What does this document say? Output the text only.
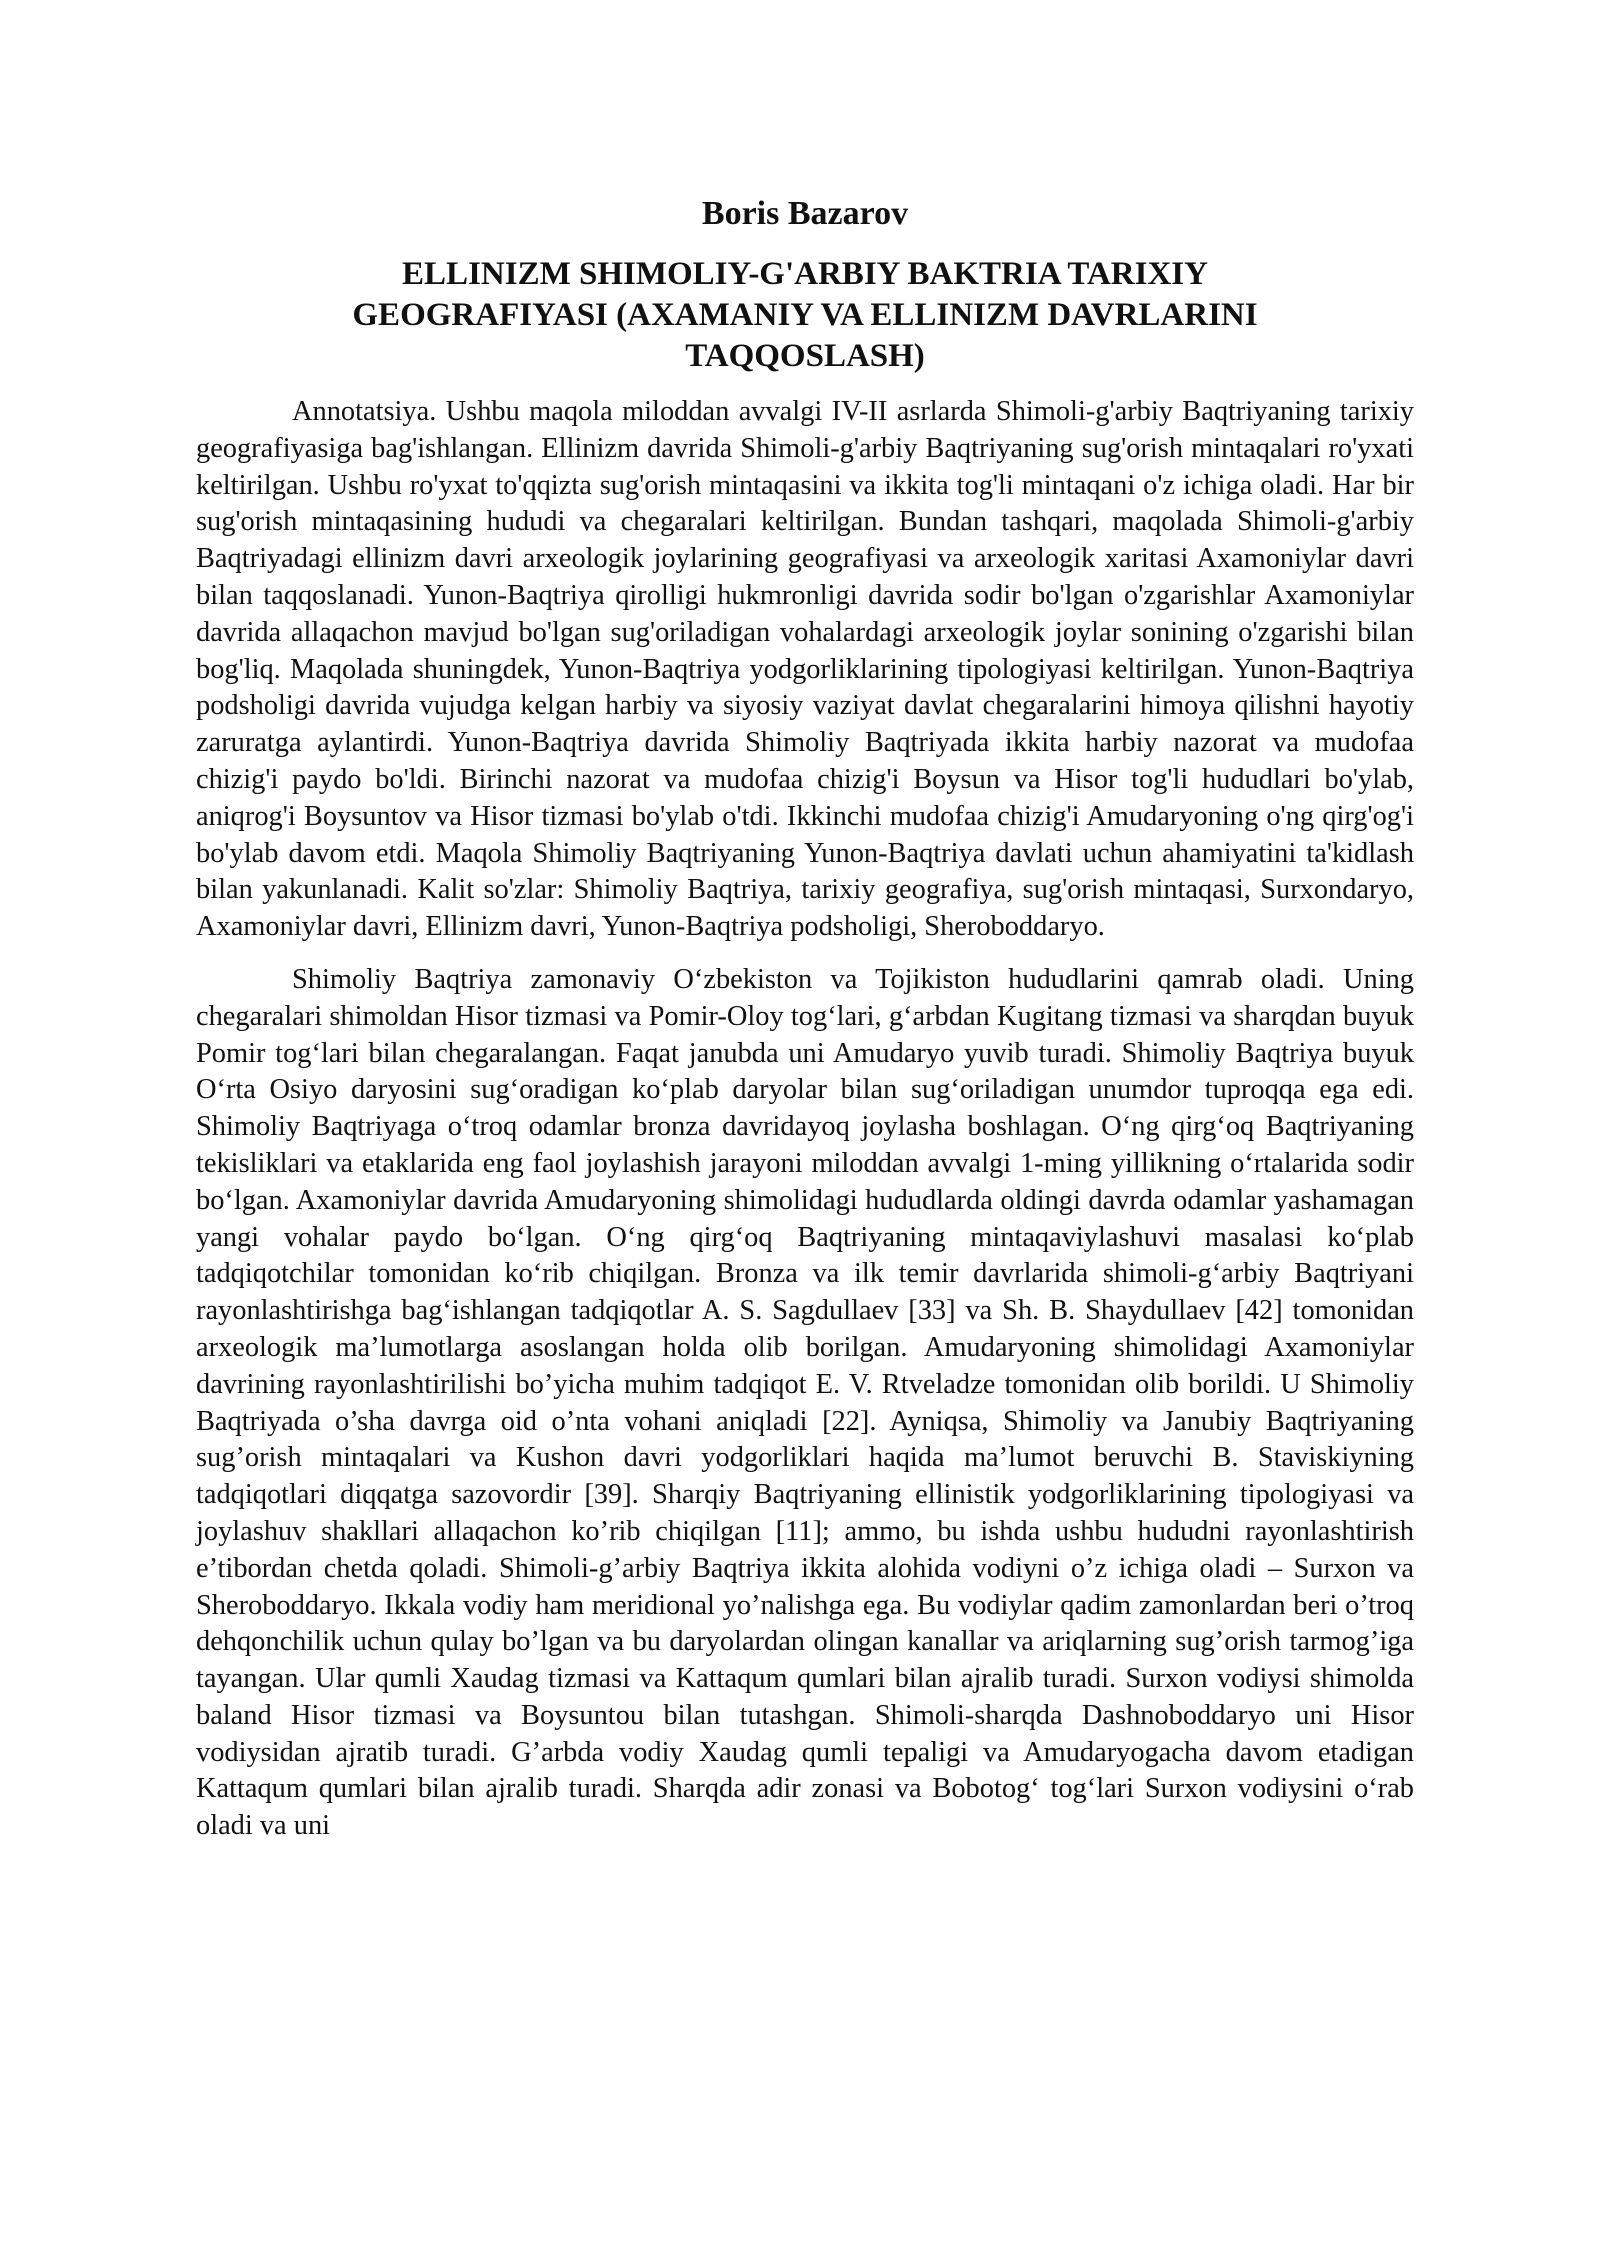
Boris Bazarov
ELLINIZM SHIMOLIY-G'ARBIY BAKTRIA TARIXIY
GEOGRAFIYASI (AXAMANIY VA ELLINIZM DAVRLARINI
TAQQOSLASH)

Annotatsiya. Ushbu maqola miloddan avvalgi IV-II asrlarda Shimoli-g'arbiy Baqtriyaning tarixiy geografiyasiga bag'ishlangan. Ellinizm davrida Shimoli-g'arbiy Baqtriyaning sug'orish mintaqalari ro'yxati keltirilgan. Ushbu ro'yxat to'qqizta sug'orish mintaqasini va ikkita tog'li mintaqani o'z ichiga oladi. Har bir sug'orish mintaqasining hududi va chegaralari keltirilgan. Bundan tashqari, maqolada Shimoli-g'arbiy Baqtriyadagi ellinizm davri arxeologik joylarining geografiyasi va arxeologik xaritasi Axamoniylar davri bilan taqqoslanadi. Yunon-Baqtriya qirolligi hukmronligi davrida sodir bo'lgan o'zgarishlar Axamoniylar davrida allaqachon mavjud bo'lgan sug'oriladigan vohalardagi arxeologik joylar sonining o'zgarishi bilan bog'liq. Maqolada shuningdek, Yunon-Baqtriya yodgorliklarining tipologiyasi keltirilgan. Yunon-Baqtriya podsholigi davrida vujudga kelgan harbiy va siyosiy vaziyat davlat chegaralarini himoya qilishni hayotiy zaruratga aylantirdi. Yunon-Baqtriya davrida Shimoliy Baqtriyada ikkita harbiy nazorat va mudofaa chizig'i paydo bo'ldi. Birinchi nazorat va mudofaa chizig'i Boysun va Hisor tog'li hududlari bo'ylab, aniqrog'i Boysuntov va Hisor tizmasi bo'ylab o'tdi. Ikkinchi mudofaa chizig'i Amudaryoning o'ng qirg'og'i bo'ylab davom etdi. Maqola Shimoliy Baqtriyaning Yunon-Baqtriya davlati uchun ahamiyatini ta'kidlash bilan yakunlanadi. Kalit so'zlar: Shimoliy Baqtriya, tarixiy geografiya, sug'orish mintaqasi, Surxondaryo, Axamoniylar davri, Ellinizm davri, Yunon-Baqtriya podsholigi, Sheroboddaryo.

Shimoliy Baqtriya zamonaviy O‘zbekiston va Tojikiston hududlarini qamrab oladi. Uning chegaralari shimoldan Hisor tizmasi va Pomir-Oloy tog‘lari, g‘arbdan Kugitang tizmasi va sharqdan buyuk Pomir tog‘lari bilan chegaralangan. Faqat janubda uni Amudaryo yuvib turadi. Shimoliy Baqtriya buyuk O‘rta Osiyo daryosini sug‘oradigan ko‘plab daryolar bilan sug‘oriladigan unumdor tuproqqa ega edi. Shimoliy Baqtriyaga o‘troq odamlar bronza davridayoq joylasha boshlagan. O‘ng qirg‘oq Baqtriyaning tekisliklari va etaklarida eng faol joylashish jarayoni miloddan avvalgi 1-ming yillikning o‘rtalarida sodir bo‘lgan. Axamoniylar davrida Amudaryoning shimolidagi hududlarda oldingi davrda odamlar yashamagan yangi vohalar paydo bo‘lgan. O‘ng qirg‘oq Baqtriyaning mintaqaviylashuvi masalasi ko‘plab tadqiqotchilar tomonidan ko‘rib chiqilgan. Bronza va ilk temir davrlarida shimoli-g‘arbiy Baqtriyani rayonlashtirishga bag‘ishlangan tadqiqotlar A. S. Sagdullaev [33] va Sh. B. Shaydullaev [42] tomonidan arxeologik ma’lumotlarga asoslangan holda olib borilgan. Amudaryoning shimolidagi Axamoniylar davrining rayonlashtirilishi bo’yicha muhim tadqiqot E. V. Rtveladze tomonidan olib borildi. U Shimoliy Baqtriyada o’sha davrga oid o’nta vohani aniqladi [22]. Ayniqsa, Shimoliy va Janubiy Baqtriyaning sug’orish mintaqalari va Kushon davri yodgorliklari haqida ma’lumot beruvchi B. Staviskiyning tadqiqotlari diqqatga sazovordir [39]. Sharqiy Baqtriyaning ellinistik yodgorliklarining tipologiyasi va joylashuv shakllari allaqachon ko’rib chiqilgan [11]; ammo, bu ishda ushbu hududni rayonlashtirish e’tibordan chetda qoladi. Shimoli-g’arbiy Baqtriya ikkita alohida vodiyni o’z ichiga oladi – Surxon va Sheroboddaryo. Ikkala vodiy ham meridional yo’nalishga ega. Bu vodiylar qadim zamonlardan beri o’troq dehqonchilik uchun qulay bo’lgan va bu daryolardan olingan kanallar va ariqlarning sug’orish tarmog’iga tayangan. Ular qumli Xaudag tizmasi va Kattaqum qumlari bilan ajralib turadi. Surxon vodiysi shimolda baland Hisor tizmasi va Boysuntou bilan tutashgan. Shimoli-sharqda Dashnoboddaryo uni Hisor vodiysidan ajratib turadi. G’arbda vodiy Xaudag qumli tepaligi va Amudaryogacha davom etadigan Kattaqum qumlari bilan ajralib turadi. Sharqda adir zonasi va Bobotog‘ tog‘lari Surxon vodiysini o‘rab oladi va uni
